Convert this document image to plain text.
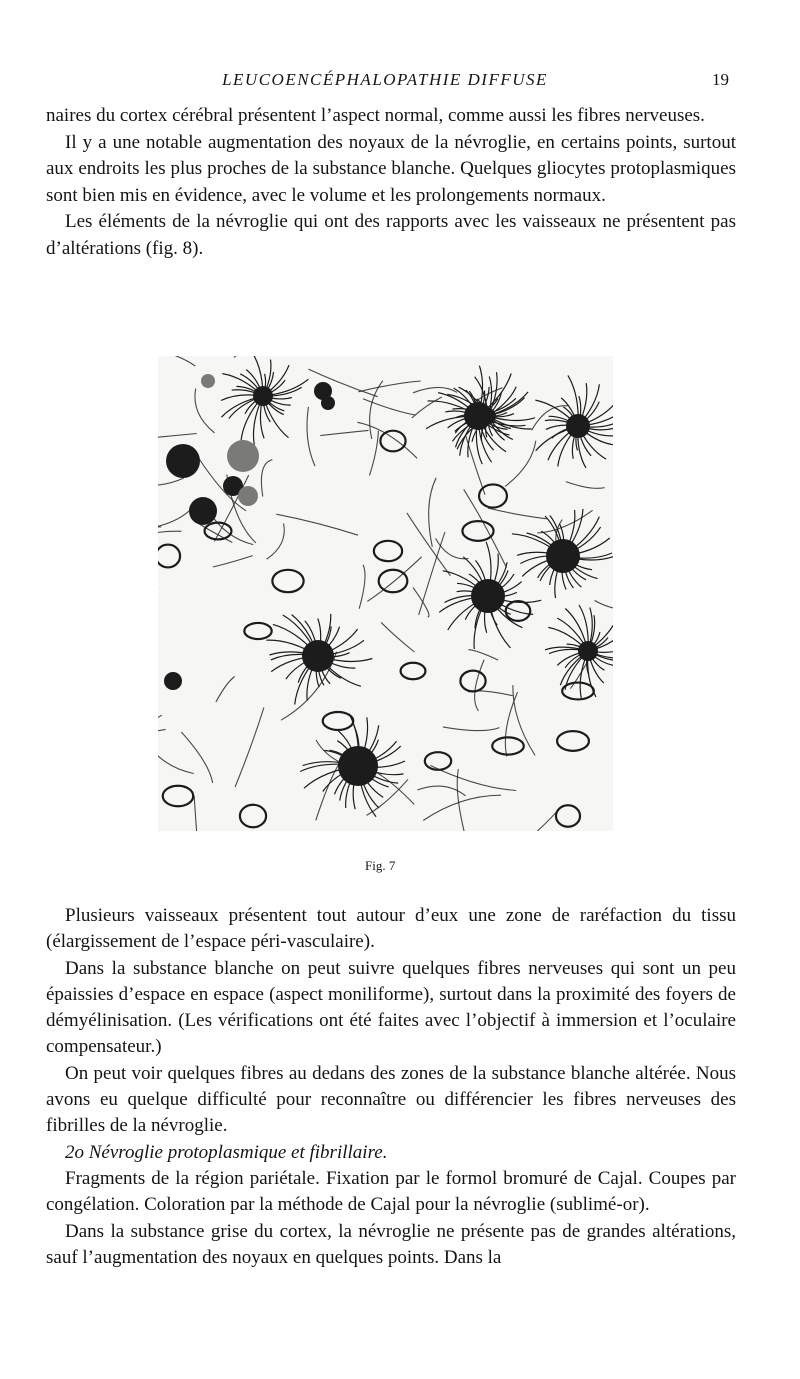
LEUCOENCÉPHALOPATHIE DIFFUSE	19

naires du cortex cérébral présentent l’aspect normal, comme aussi les fibres nerveuses.

Il y a une notable augmentation des noyaux de la névroglie, en certains points, surtout aux endroits les plus proches de la substance blanche. Quelques gliocytes protoplasmiques sont bien mis en évidence, avec le volume et les prolongements normaux.

Les éléments de la névroglie qui ont des rapports avec les vaisseaux ne présentent pas d’altérations (fig. 8).

Fig. 7

Plusieurs vaisseaux présentent tout autour d’eux une zone de raréfaction du tissu (élargissement de l’espace péri-vasculaire).

Dans la substance blanche on peut suivre quelques fibres nerveuses qui sont un peu épaissies d’espace en espace (aspect moniliforme), surtout dans la proximité des foyers de démyélinisation. (Les vérifications ont été faites avec l’objectif à immersion et l’oculaire compensateur.)

On peut voir quelques fibres au dedans des zones de la substance blanche altérée. Nous avons eu quelque difficulté pour reconnaître ou différencier les fibres nerveuses des fibrilles de la névroglie.

2o Névroglie protoplasmique et fibrillaire.

Fragments de la région pariétale. Fixation par le formol bromuré de Cajal. Coupes par congélation. Coloration par la méthode de Cajal pour la névroglie (sublimé-or).

Dans la substance grise du cortex, la névroglie ne présente pas de grandes altérations, sauf l’augmentation des noyaux en quelques points. Dans la
